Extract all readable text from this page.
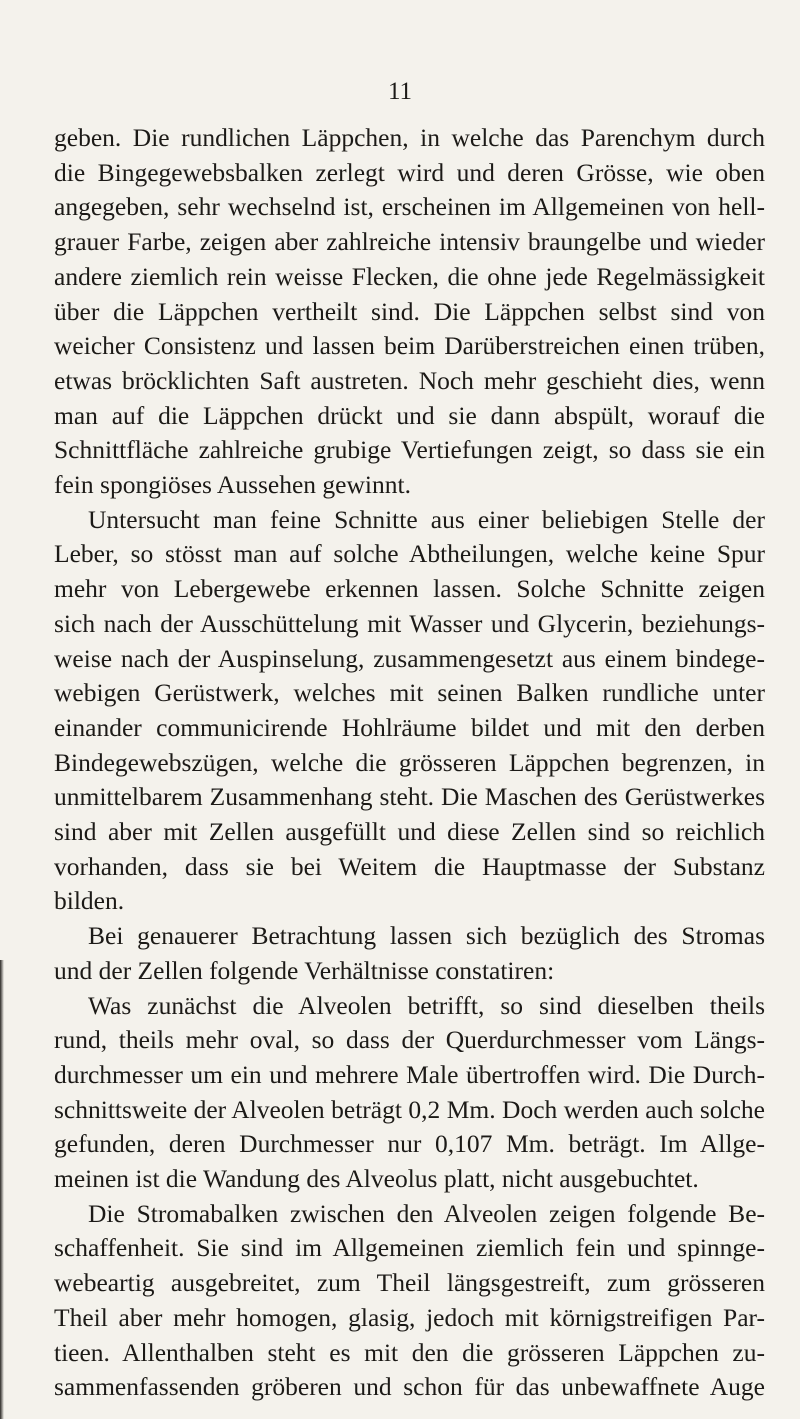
11
geben. Die rundlichen Läppchen, in welche das Parenchym durch
die Bingegewebsbalken zerlegt wird und deren Grösse, wie oben
angegeben, sehr wechselnd ist, erscheinen im Allgemeinen von hell-
grauer Farbe, zeigen aber zahlreiche intensiv braungelbe und wieder
andere ziemlich rein weisse Flecken, die ohne jede Regelmässigkeit
über die Läppchen vertheilt sind. Die Läppchen selbst sind von
weicher Consistenz und lassen beim Darüberstreichen einen trüben,
etwas bröcklichten Saft austreten. Noch mehr geschieht dies, wenn
man auf die Läppchen drückt und sie dann abspült, worauf die
Schnittfläche zahlreiche grubige Vertiefungen zeigt, so dass sie ein
fein spongiöses Aussehen gewinnt.
Untersucht man feine Schnitte aus einer beliebigen Stelle der
Leber, so stösst man auf solche Abtheilungen, welche keine Spur
mehr von Lebergewebe erkennen lassen. Solche Schnitte zeigen
sich nach der Ausschüttelung mit Wasser und Glycerin, beziehungs-
weise nach der Auspinselung, zusammengesetzt aus einem bindege-
webigen Gerüstwerk, welches mit seinen Balken rundliche unter
einander communicirende Hohlräume bildet und mit den derben
Bindegewebszügen, welche die grösseren Läppchen begrenzen, in
unmittelbarem Zusammenhang steht. Die Maschen des Gerüstwerkes
sind aber mit Zellen ausgefüllt und diese Zellen sind so reichlich
vorhanden, dass sie bei Weitem die Hauptmasse der Substanz
bilden.
Bei genauerer Betrachtung lassen sich bezüglich des Stromas
und der Zellen folgende Verhältnisse constatiren:
Was zunächst die Alveolen betrifft, so sind dieselben theils
rund, theils mehr oval, so dass der Querdurchmesser vom Längs-
durchmesser um ein und mehrere Male übertroffen wird. Die Durch-
schnittsweite der Alveolen beträgt 0,2 Mm. Doch werden auch solche
gefunden, deren Durchmesser nur 0,107 Mm. beträgt. Im Allge-
meinen ist die Wandung des Alveolus platt, nicht ausgebuchtet.
Die Stromabalken zwischen den Alveolen zeigen folgende Be-
schaffenheit. Sie sind im Allgemeinen ziemlich fein und spinnge-
webeartig ausgebreitet, zum Theil längsgestreift, zum grösseren
Theil aber mehr homogen, glasig, jedoch mit körnigstreifigen Par-
tieen. Allenthalben steht es mit den die grösseren Läppchen zu-
sammenfassenden gröberen und schon für das unbewaffnete Auge
